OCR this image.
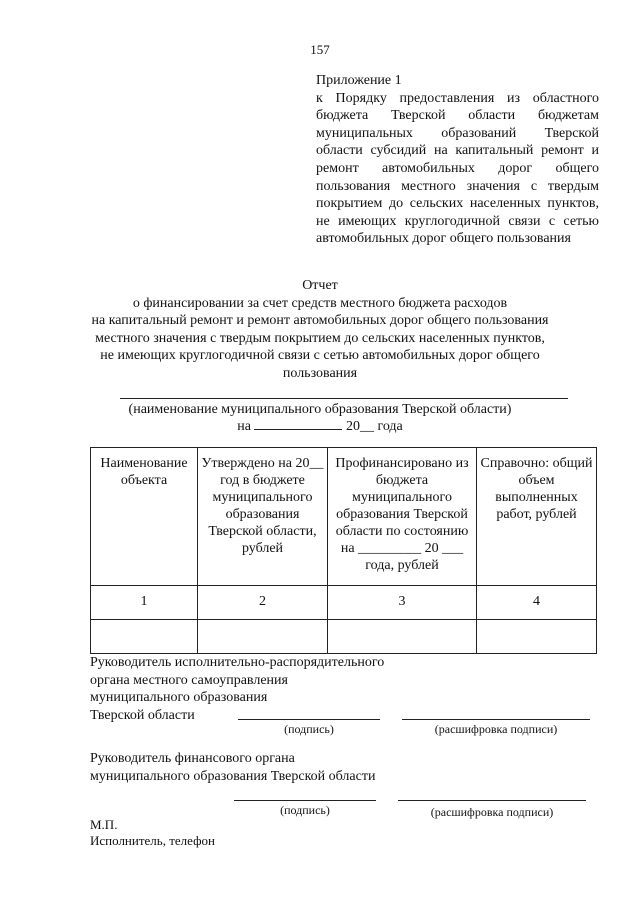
157
Приложение 1
к Порядку предоставления из областного бюджета Тверской области бюджетам муниципальных образований Тверской области субсидий на капитальный ремонт и ремонт автомобильных дорог общего пользования местного значения с твердым покрытием до сельских населенных пунктов, не имеющих круглогодичной связи с сетью автомобильных дорог общего пользования
Отчет
о финансировании за счет средств местного бюджета расходов
на капитальный ремонт и ремонт автомобильных дорог общего пользования
местного значения с твердым покрытием до сельских населенных пунктов,
не имеющих круглогодичной связи с сетью автомобильных дорог общего
пользования
(наименование муниципального образования Тверской области)
на	20__ года
Наименование объекта	Утверждено на 20__ год в бюджете муниципального образования Тверской области, рублей	Профинансировано из бюджета муниципального образования Тверской области по состоянию на _________ 20 ___ года, рублей	Справочно: общий объем выполненных работ, рублей
1	2	3	4

Руководитель исполнительно-распорядительного
органа местного самоуправления
муниципального образования
Тверской области
(подпись)	(расшифровка подписи)
Руководитель финансового органа
муниципального образования Тверской области
(подпись)	(расшифровка подписи)
М.П.
Исполнитель, телефон
